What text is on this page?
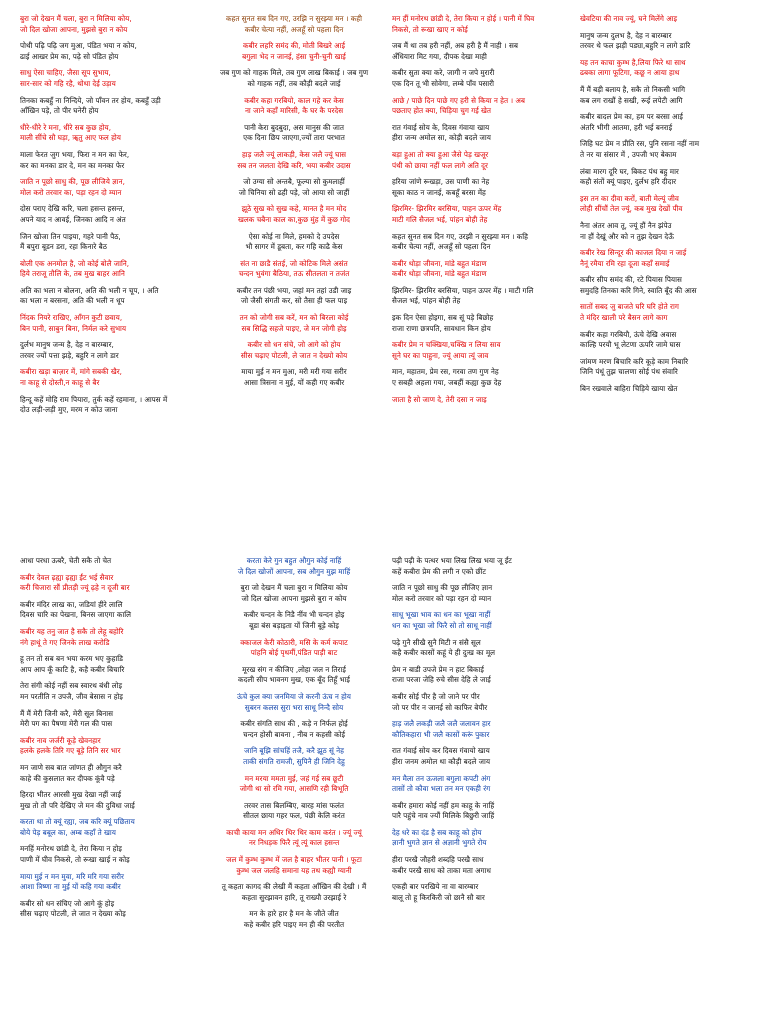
बुरा जो देखन मैं चला, बुरा न मिलिया कोय,
जो दिल खोजा आपना, मुझसे बुरा न कोय

पोथी पढ़ि पढ़ि जग मुआ, पंडित भया न कोय,
ढाई आखर प्रेम का, पढ़े सो पंडित होय

साधु ऐसा चाहिए, जैसा सूप सुभाय,
सार-सार को गहि रहै, थोथा देई उड़ाय

तिनका कबहुँ ना निन्दिये, जो पाँवन तर होय, कबहुँ उड़ी
आँखिन पड़े, तो पीर घनेरी होय

धीरे-धीरे रे मना, धीरे सब कुछ होय,
माली सींचे सौ घड़ा, ॠतु आए फल होय

माला फेरत जुग भया, फिरा न मन का फेर,
कर का मनका डार दे, मन का मनका फेर

जाति न पूछो साधु की, पूछ लीजिये ज्ञान,
मोल करो तरवार का, पड़ा रहन दो म्यान

दोस पराए देखि करि, चला हसन्त हसन्त,
अपने याद न आवई, जिनका आदि न अंत

जिन खोजा तिन पाइया, गहरे पानी पैठ,
मैं बपुरा बूडन डरा, रहा किनारे बैठ

बोली एक अनमोल है, जो कोई बोलै जानि,
हिये तराजू तौलि के, तब मुख बाहर आनि

अति का भला न बोलना, अति की भली न चूप, । अति
का भला न बरसना, अति की भली न धूप

निंदक नियरे राखिए, ऑंगन कुटी छवाय,
बिन पानी, साबुन बिना, निर्मल करे सुभाय

दुर्लभ मानुष जन्म है, देह न बारम्बार,
तरवर ज्यों पत्ता झड़े, बहुरि न लागे डार

कबीरा खड़ा बाज़ार में, मांगे सबकी खैर,
ना काहू से दोस्ती,न काहू से बैर

हिन्दू कहें मोहि राम पियारा, तुर्क कहें रहमाना, । आपस में
दोउ लड़ी-लड़ी मुए, मरम न कोउ जाना

कहत सुनत सब दिन गए, उरझि न सुरझ्या मन । कही
कबीर चेत्या नहीं, अजहूँ सो पहला दिन

कबीर लहरि समंद की, मोती बिखरे आई
बगुला भेद न जानई, हंसा चुनी-चुनी खाई

जब गुण को गाहक मिले, तब गुण लाख बिकाई । जब गुण
को गाहक नहीं, तब कौड़ी बदले जाई

कबीर कहा गरबियो, काल गहे कर केस
ना जाने कहाँ मारिसी, कै घर कै परदेस

पानी केरा बुदबुदा, अस मानुस की जात
एक दिना छिप जाएगा,ज्यों तारा परभात

हाड़ जलै ज्यूं लाकड़ी, केस जलै ज्यूं घास
सब तन जलता देखि करि, भया कबीर उदास

जो उग्या सो अन्तबै, फूल्या सो कुमलाहीं
जो चिनिया सो ढही पड़े, जो आया सो जाहीं

झूठे सुख को सुख कहे, मानत है मन मोद
खलक चबैना काल का,कुछ मुंह में कुछ गोद

ऐसा कोई ना मिले, हमको दे उपदेस
भौ सागर में डूबता, कर गहि काढै केस

संत ना छाडै संतई, जो कोटिक मिले असंत
चन्दन भुवंगा बैठिया, तऊ सीतलता न तजंत

कबीर तन पंछी भया, जहां मन तहां उडी जाइ
जो जैसी संगती कर, सो तैसा ही फल पाइ

तन को जोगी सब करें, मन को बिरला कोई
सब सिद्धि सहजे पाइए, जे मन जोगी होइ

कबीर सो धन संचे, जो आगे को होय
सीस चढ़ाए पोटली, ले जात न देख्यो कोय

माया मुई न मन मुआ, मरी मरी गया सरीर
आसा त्रिसना न मुई, यों कही गए कबीर

मन हीं मनोरथ छांडी दे, तेरा किया न होई । पानी में घिव
निकसे, तो रूखा खाए न कोई

जब मैं था तब हरी नहीं, अब हरी है मैं नाही । सब
अँधियारा मिट गया, दीपक देखा माही

कबीर सुता क्या करे, जागी न जपे मुरारी
एक दिन तू भी सोवेगा, लम्बे पाँव पसारी

आछे / पाछे दिन पाछे गए हरी से किया न हेत । अब
पछताए होत क्या, चिड़िया चुग गई खेत

रात गंवाई सोय के, दिवस गंवाया खाय
हीरा जन्म अमोल सा, कोड़ी बदले जाय

बड़ा हुआ तो क्या हुआ जैसे पेड़ खजूर
पंथी को छाया नहीं फल लागे अति दूर

हरिया जांणे रूखड़ा, उस पाणी का नेह
सूका काठ न जानई, कबहूँ बरसा मेंह

झिरमिर- झिरमिर बरसिया, पाहन ऊपर मेंह
माटी गलि सैजल भई, पांहन बोही तेह

कहत सुनत सब दिन गए, उरझी न सुरझ्या मन । कहि
कबीर चेत्या नहीं, अजहूँ सो पहला दिन

कबीर थोड़ा जीवना, मांडे बहुत मंडाण
कबीर थोड़ा जीवना, मांडे बहुत मंडाण

झिरमिर- झिरमिर बरसिया, पाहन ऊपर मेंह । माटी गलि
सैजल भई, पांहन बोही तेह

इक दिन ऐसा होइगा, सब सूं पड़े बिछोह
राजा राणा छत्रपति, सावधान किन होय

कबीर प्रेम न चक्खिया,चक्खि न लिया साव
सूने घर का पाहुना, ज्यूं आया त्यूं जाव

मान, महातम, प्रेम रस, गरवा तण गुण नेह
ए सबही अहला गया, जबहीं कह्या कुछ देह

जाता है सो जाण दे, तेरी दसा न जाइ

खेवटिया की नाव ज्यूं, घने मिलेंगे आइ

मानुष जन्म दुलभ है, देह न बारम्बार
तरवर थे फल झड़ी पड्या,बहुरि न लागे डारि

यह तन काचा कुम्भ है,लिया फिरे था साथ
ढबका लागा फूटिगा, कछू न आया हाथ

मैं मैं बड़ी बलाय है, सकै तो निकसी भागि
कब लग राखौं हे सखी, रूई लपेटी आगि

कबीर बादल प्रेम का, हम पर बरसा आई
अंतरि भीगी आतमा, हरी भई बनराई

जिहि घट प्रेम न प्रीति रस, पुनि रसना नहीं नाम
ते नर या संसार में , उपजी भए बेकाम

लंबा मारग दूरि घर, बिकट पंथ बहु मार
कहौ संतों क्यूं पाइए, दुर्लभ हरि दीदार

इस तन का दीवा करों, बाती मेल्यूं जीव
लोही सींचौं तेल ज्यूं, कब मुख देखों पीव

नैना अंतर आव तू, ज्यूं हौं नैन झंपेउ
ना हौं देखूं और को न तुझ देखन देऊँ

कबीर रेख सिन्दूर की काजल दिया न जाई
नैनूं रमैया रमि रहा दूजा कहाँ समाई

कबीर सीप समंद की, रटे पियास पियास
समुदहि तिनका करि गिने, स्वाति बूँद की आस

सातों सबद जु बाजते घरि घरि होते राग
ते मंदिर खाली परे बैसन लागे काग

कबीर कहा गरबियौ, ऊंचे देखि अवास
काल्हि परयौ भू लेटणा ऊपरि जामे घास

जांमण मरण बिचारि करि कूड़े काम निबारि
जिनि पंथूं तुझ चालणा सोई पंथ संवारि

बिन रखवाले बाहिरा चिड़िये खाया खेत

आधा परधा ऊबरै, चेती सकै तो चेत

कबीर देवल ढ़ह्या ढ़ह्या ईंट भई सैवार
करी चिजारा सौं प्रीतड़ी ज्यूं ढ़हे न दूजी बार

कबीर मंदिर लाख का, जडियां हीरे लालि
दिवस चारि का पेखना, बिनस जाएगा कालि

कबीर यह तनु जात है सकै तो लेहू बहोरि
नंगे हाथूं ते गए जिनके लाख करोडि

हू तन तो सब बन भया करम भए कुहाडि
आप आप कूँ काटि है, कहै कबीर बिचारि

तेरा संगी कोई नहीं सब स्वारथ बंधी लोइ
मन परतीति न उपजै, जीव बेसास न होइ

मैं मैं मेरी जिनी करै, मेरी सूल बिनास
मेरी पग का पैषणा मेरी गल की पास

कबीर नाव जर्जरी कूड़े खेवनहार
हलके हलके तिरि गए बूड़े तिनि सर भार

मन जाणे सब बात जांणत ही औगुन करै
काहे की कुसलात कर दीपक कूंवै पड़े

हिरदा भीतर आरसी मुख देखा नहीं जाई
मुख तो तौ परि देखिए जे मन की दुविधा जाई

करता था तो क्यूं रह्या, जब करि क्यूं पछिताय
बोये पेड़ बबूल का, अम्ब कहाँ ते खाय

मनहिं मनोरथ छांडी दे, तेरा किया न होइ
पाणी में घीव निकसे, तो रूखा खाई न कोइ

माया मुई न मन मुवा, मरि मरि गया सरीर
आशा त्रिष्णा ना मुई यों कहि गया कबीर

कबीर सो धन संचिए जो आगे कूं होइ
सीस चढ़ाए पोटली, ले जात न देख्या कोइ

करता केरे गुन बहुत औगुन कोई नाहिं
जे दिल खोजों आपना, सब औगुन मुझ माहिं

बुरा जो देखन मैं चला बुरा न मिलिया कोय
जो दिल खोजा आपना मुझसे बुरा न कोय

कबीर चन्दन के निडै नींव भी चन्दन होइ
बूडा बंस बड़ाइता यों जिनी बूड़े कोइ

क्काजल केरी कोठारी, मसि के कर्म कपाट
पांहनि बोई पृथमीं,पंडित पाड़ी बाट

मूरख संग न कीजिए ,लोहा जल न तिराई
कदली सीप भावनग मुख, एक बूँद तिहूँ भाई

ऊंचे कुल क्या जनमिया जे करनी ऊंच न होय
सुबरन कलस सुरा भरा साधू निन्दै सोय

कबीर संगति साध की , कड़े न निर्फल होई
चन्दन होसी बावना , नीब न कहसी कोई

जानि बूझि सांचहिं तजै, करै झूठ सूं नेह
ताकी संगति रामजी, सुपिनै ही जिनि देहु

मन मरया ममता मुई, जहं गई सब छूटी
जोगी था सो रमि गया, आसणि रही बिभूति

तरवर तास बिलम्बिए, बारह मांस फलंत
सीतल छाया गहर फल, पंछी केलि करंत

काची काया मन अथिर थिर थिर काम करंत । ज्यूं ज्यूं
नर निधड़क फिरै त्यूं त्यूं काल हसन्त

जल में कुम्भ कुम्भ में जल है बाहर भीतर पानी । फूटा
कुम्भ जल जलहि समाना यह तथ कह्यौ ग्यानी

तू कहता कागद की लेखी मैं कहता आँखिन की देखी । मैं
कहता सुरझावन हारि, तू राख्यौ उरझाई रे

मन के हारे हार है मन के जीते जीत
कहे कबीर हरि पाइए मन ही की परतीत

पढ़ी पढ़ी के पत्थर भया लिख लिख भया जू ईंट
कहें कबीरा प्रेम की लगी न एको छींट

जाति न पूछो साधु की पूछ लीजिए ज्ञान
मोल करो तरवार को पड़ा रहन दो म्यान

साधू भूखा भाव का धन का भूखा नाहीं
धन का भूखा जो फिरै सो तो साधू नाहीं

पढ़े गुनै सीखै सुनै मिटी न संसै सूल
कहै कबीर कासों कहूं ये ही दुःख का मूल

प्रेम न बाडी उपजे प्रेम न हाट बिकाई
राजा परजा जेहि रुचे सीस देहि ले जाई

कबीर सोई पीर है जो जाने पर पीर
जो पर पीर न जानई सो काफिर बेपीर

हाड़ जलै लकड़ी जलै जलै जलावन हार
कौतिकहारा भी जलै कासों करूं पुकार

रात गंवाई सोय कर दिवस गंवायो खाय
हीरा जनम अमोल था कौड़ी बदले जाय

मन मैला तन ऊजला बगुला कपटी अंग
तासों तो कौवा भला तन मन एकही रंग

कबीर हमारा कोई नहीं हम काहू के नाहिं
पारै पहुंचे नाव ज्यौं मिलिके बिछुरी जाहिं

देह धरे का दंड है सब काहू को होय
ज्ञानी भुगते ज्ञान से अज्ञानी भुगते रोय

हीरा परखै जौहरी शब्दहि परखै साध
कबीर परखै साध को ताका मता अगाध

एकही बार परखिये ना वा बारम्बार
बालू तो हू किरकिरी जो छानै सौ बार
